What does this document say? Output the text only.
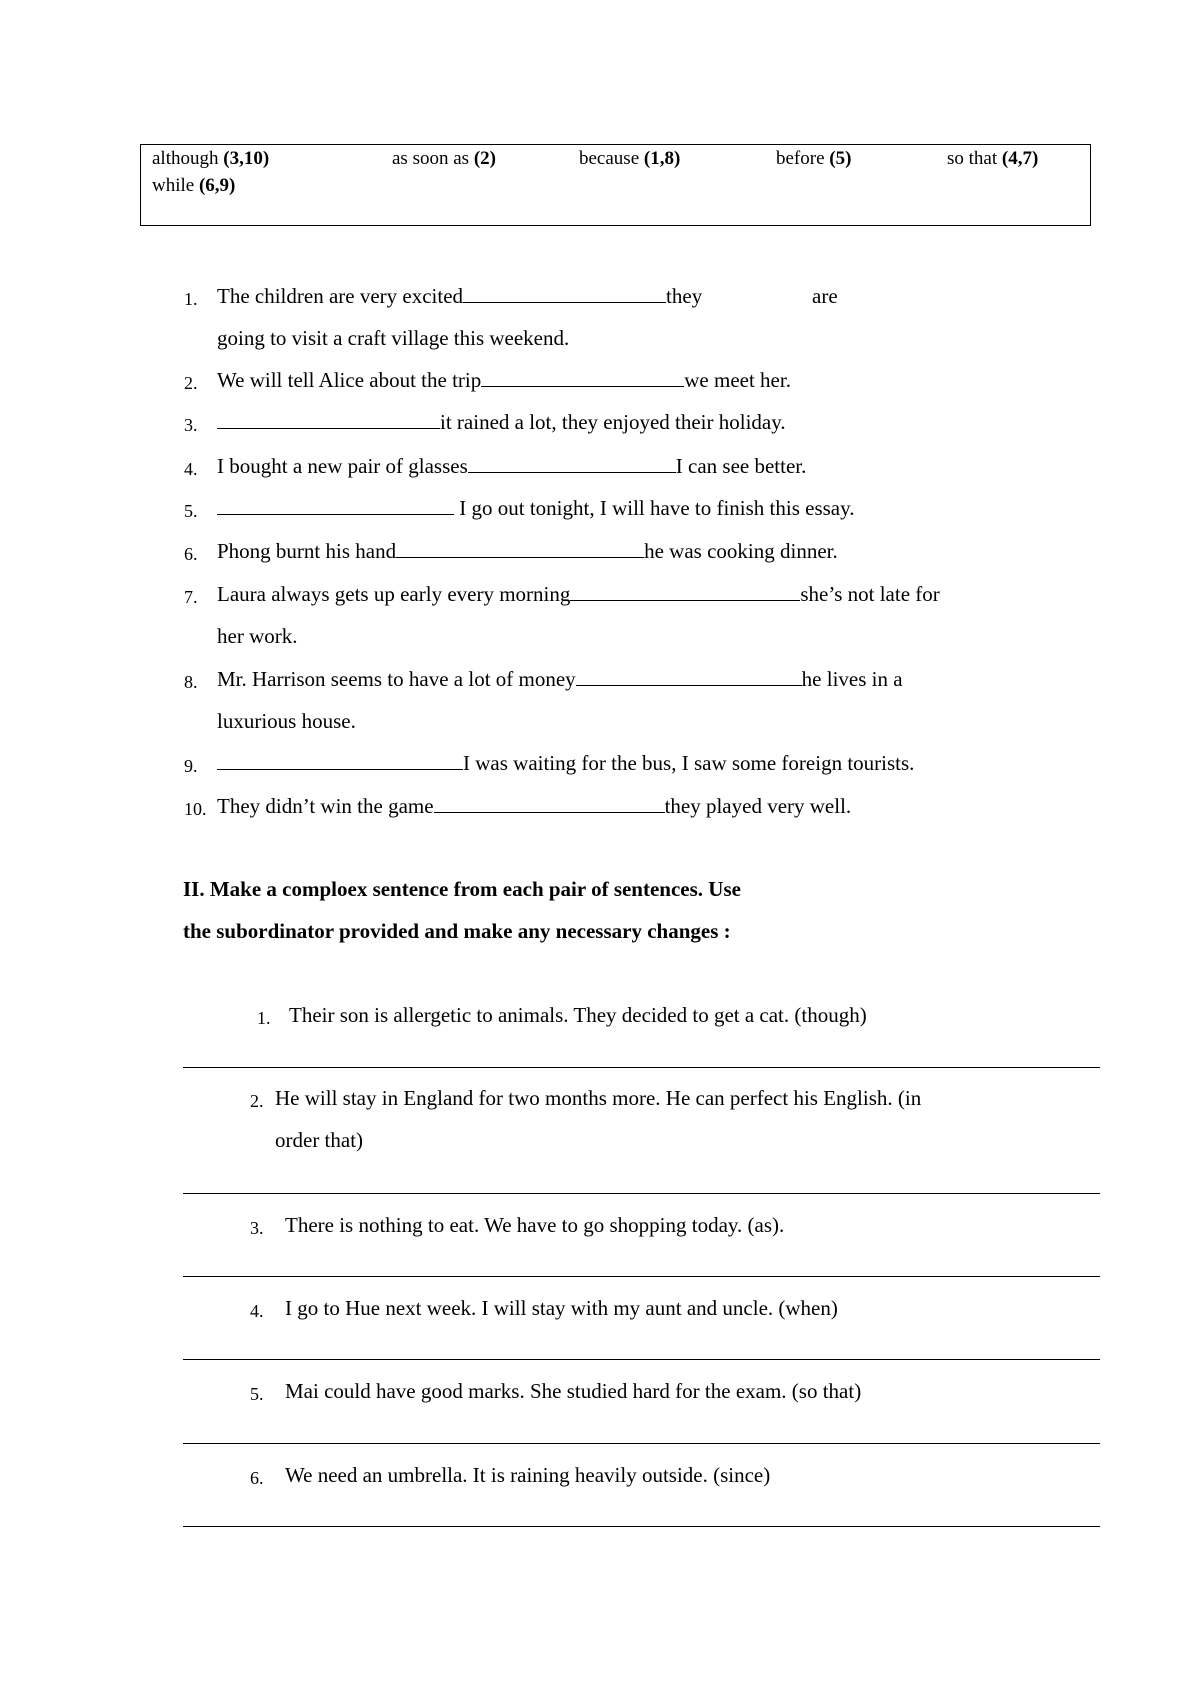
although (3,10)	as soon as (2)	because (1,8)	before (5)	so that (4,7)
while (6,9)
1. The children are very excited	they	are
going to visit a craft village this weekend.
2. We will tell Alice about the trip	we meet her.
3.	it rained a lot, they enjoyed their holiday.
4. I bought a new pair of glasses	I can see better.
5.	I go out tonight, I will have to finish this essay.
6. Phong burnt his hand	he was cooking dinner.
7. Laura always gets up early every morning	she’s not late for
her work.
8. Mr. Harrison seems to have a lot of money	he lives in a
luxurious house.
9.	I was waiting for the bus, I saw some foreign tourists.
10. They didn’t win the game	they played very well.
II. Make a comploex sentence from each pair of sentences. Use
the subordinator provided and make any necessary changes :
1. Their son is allergetic to animals. They decided to get a cat. (though)
2. He will stay in England for two months more. He can perfect his English. (in
order that)
3. There is nothing to eat. We have to go shopping today. (as).
4. I go to Hue next week. I will stay with my aunt and uncle. (when)
5. Mai could have good marks. She studied hard for the exam. (so that)
6. We need an umbrella. It is raining heavily outside. (since)
